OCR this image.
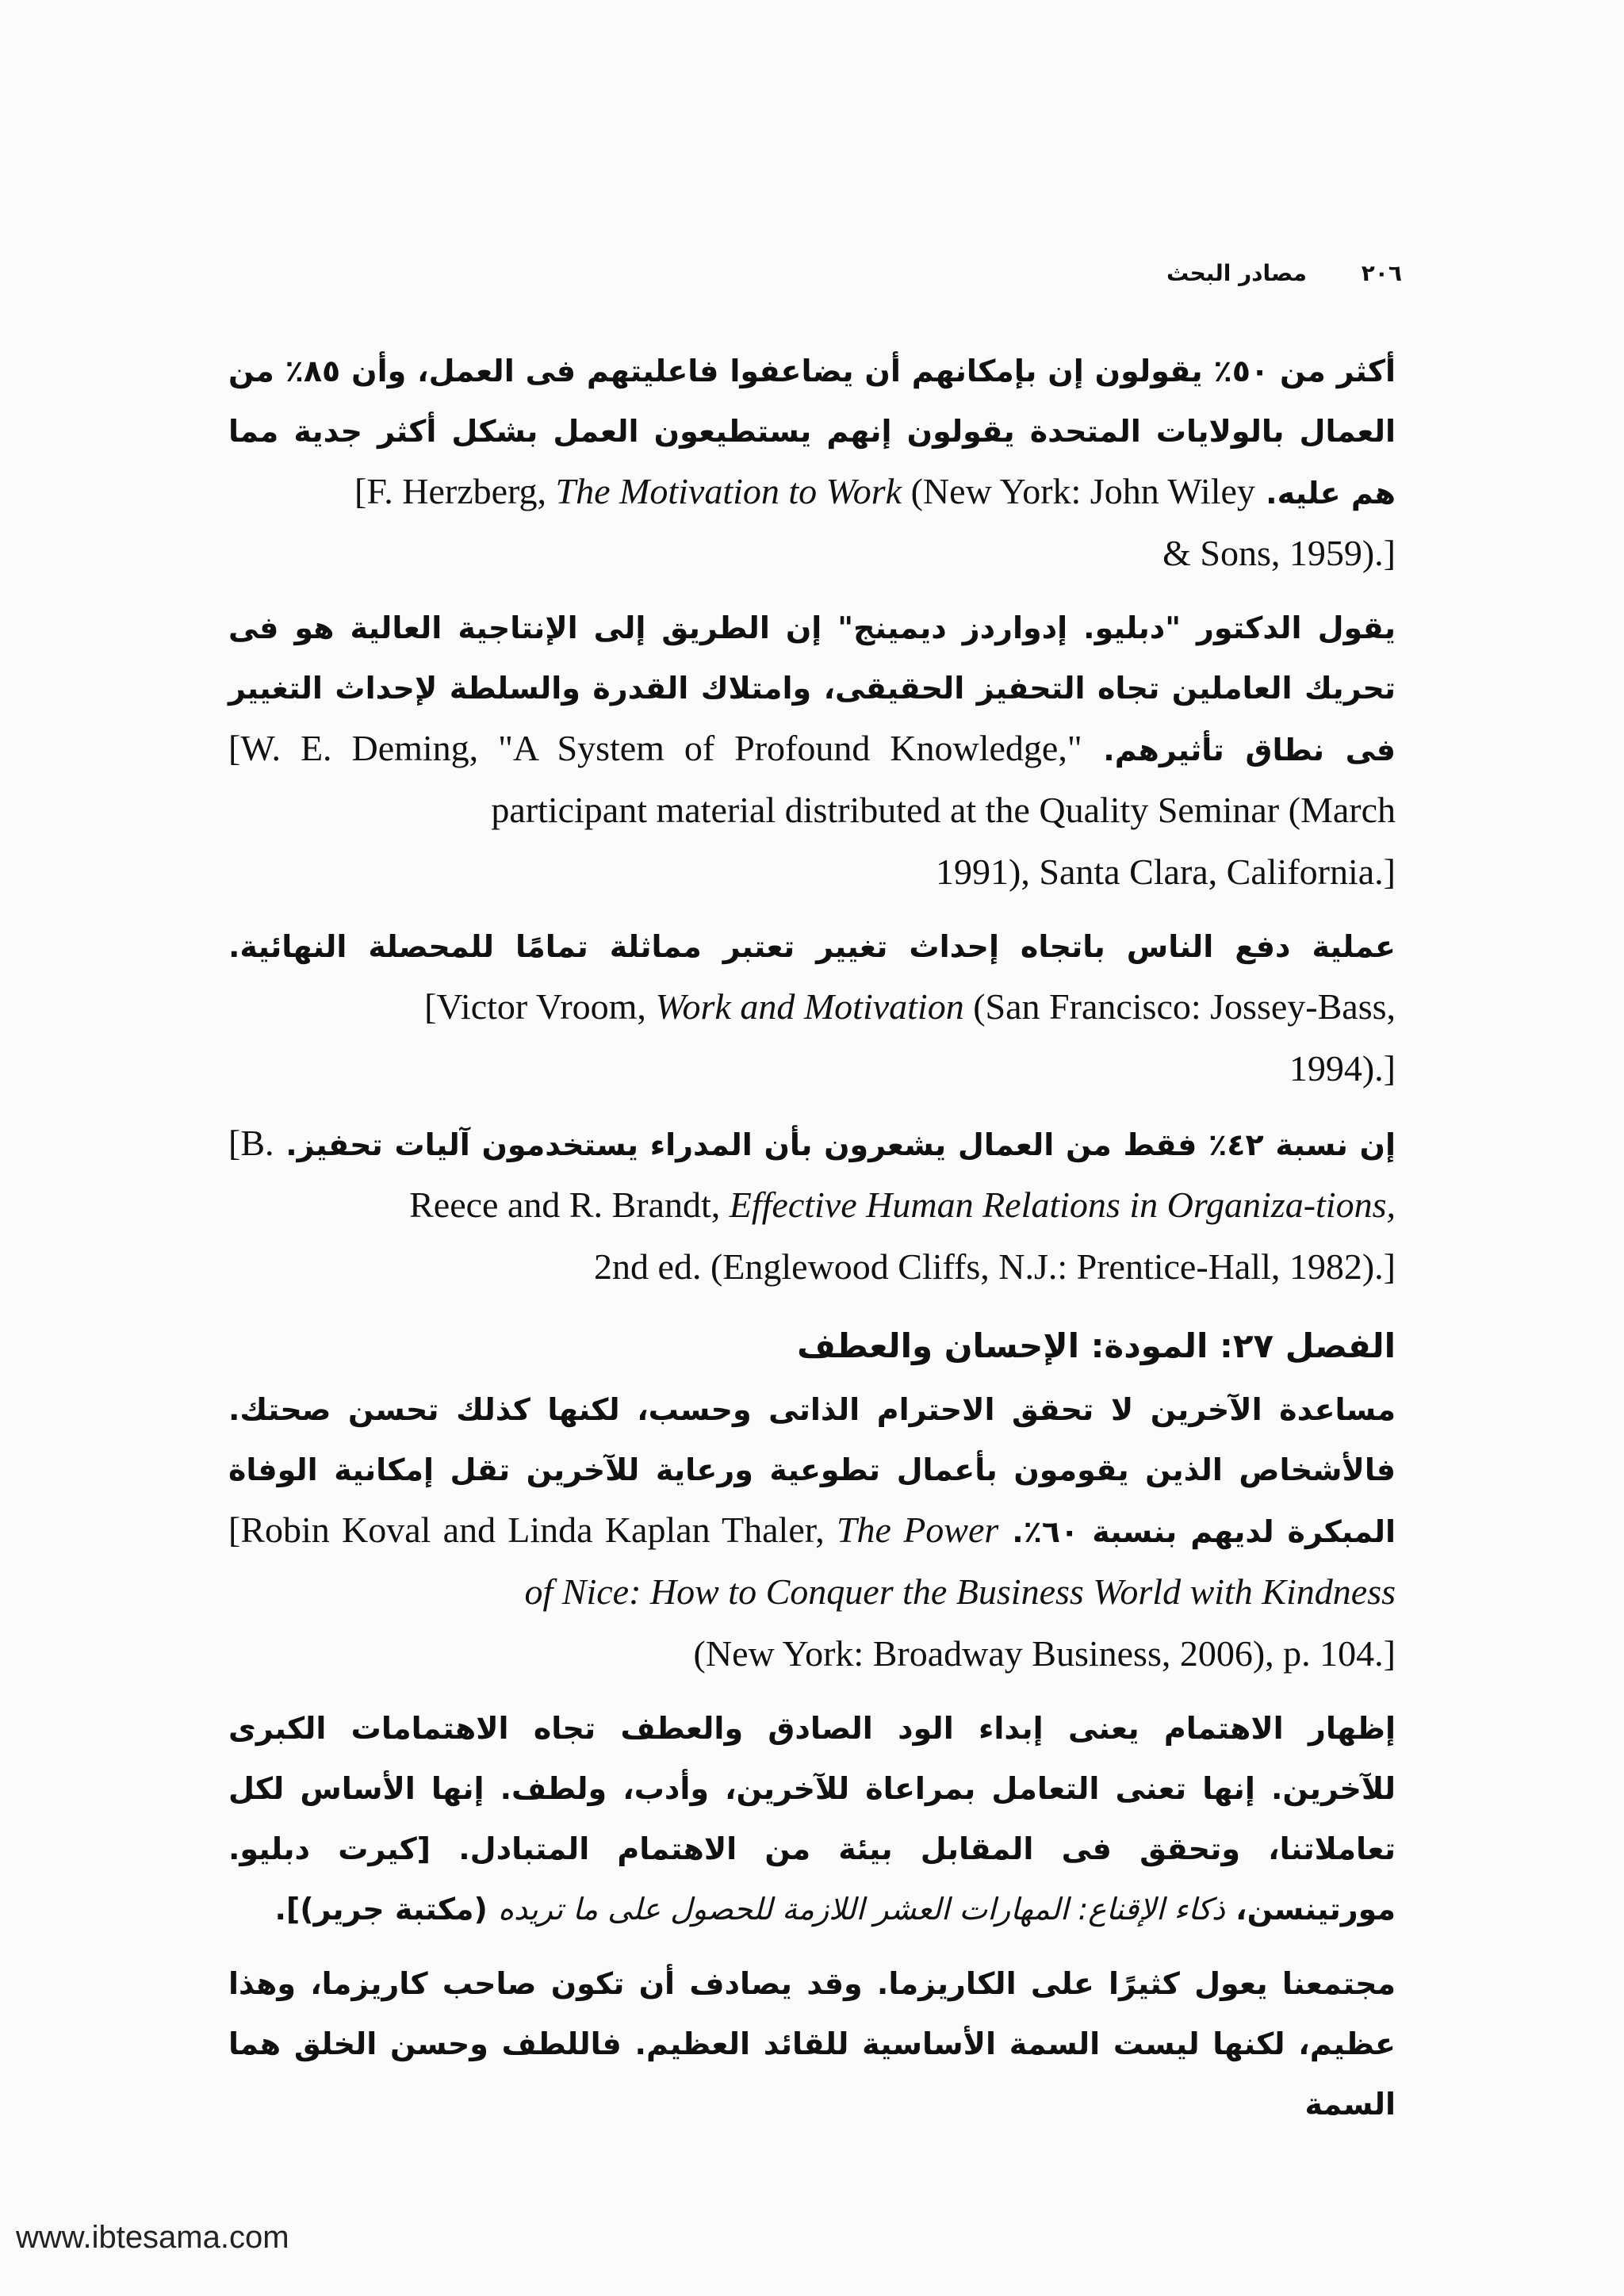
٢٠٦
مصادر البحث

أكثر من ٥٠٪ يقولون إن بإمكانهم أن يضاعفوا فاعليتهم فى العمل، وأن ٨٥٪ من العمال بالولايات المتحدة يقولون إنهم يستطيعون العمل بشكل أكثر جدية مما هم عليه. [F. Herzberg, The Motivation to Work (New York: John Wiley
& Sons, 1959).]

يقول الدكتور "دبليو. إدواردز ديمينج" إن الطريق إلى الإنتاجية العالية هو فى تحريك العاملين تجاه التحفيز الحقيقى، وامتلاك القدرة والسلطة لإحداث التغيير فى نطاق تأثيرهم. [W. E. Deming, "A System of Profound Knowledge," participant material distributed at the Quality Seminar (March
1991), Santa Clara, California.]

عملية دفع الناس باتجاه إحداث تغيير تعتبر مماثلة تمامًا للمحصلة النهائية. [Victor Vroom, Work and Motivation (San Francisco: Jossey-Bass,
1994).]

إن نسبة ٤٢٪ فقط من العمال يشعرون بأن المدراء يستخدمون آليات تحفيز. [B. Reece and R. Brandt, Effective Human Relations in Organiza-tions,
2nd ed. (Englewood Cliffs, N.J.: Prentice-Hall, 1982).]

الفصل ٢٧: المودة: الإحسان والعطف

مساعدة الآخرين لا تحقق الاحترام الذاتى وحسب، لكنها كذلك تحسن صحتك. فالأشخاص الذين يقومون بأعمال تطوعية ورعاية للآخرين تقل إمكانية الوفاة المبكرة لديهم بنسبة ٦٠٪. [Robin Koval and Linda Kaplan Thaler, The Power of Nice: How to Conquer the Business World with Kindness
(New York: Broadway Business, 2006), p. 104.]

إظهار الاهتمام يعنى إبداء الود الصادق والعطف تجاه الاهتمامات الكبرى للآخرين. إنها تعنى التعامل بمراعاة للآخرين، وأدب، ولطف. إنها الأساس لكل تعاملاتنا، وتحقق فى المقابل بيئة من الاهتمام المتبادل. [كيرت دبليو. مورتينسن، ذكاء الإقناع: المهارات العشر اللازمة للحصول على ما تريده (مكتبة جرير)].

مجتمعنا يعول كثيرًا على الكاريزما. وقد يصادف أن تكون صاحب كاريزما، وهذا عظيم، لكنها ليست السمة الأساسية للقائد العظيم. فاللطف وحسن الخلق هما السمة

www.ibtesama.com
